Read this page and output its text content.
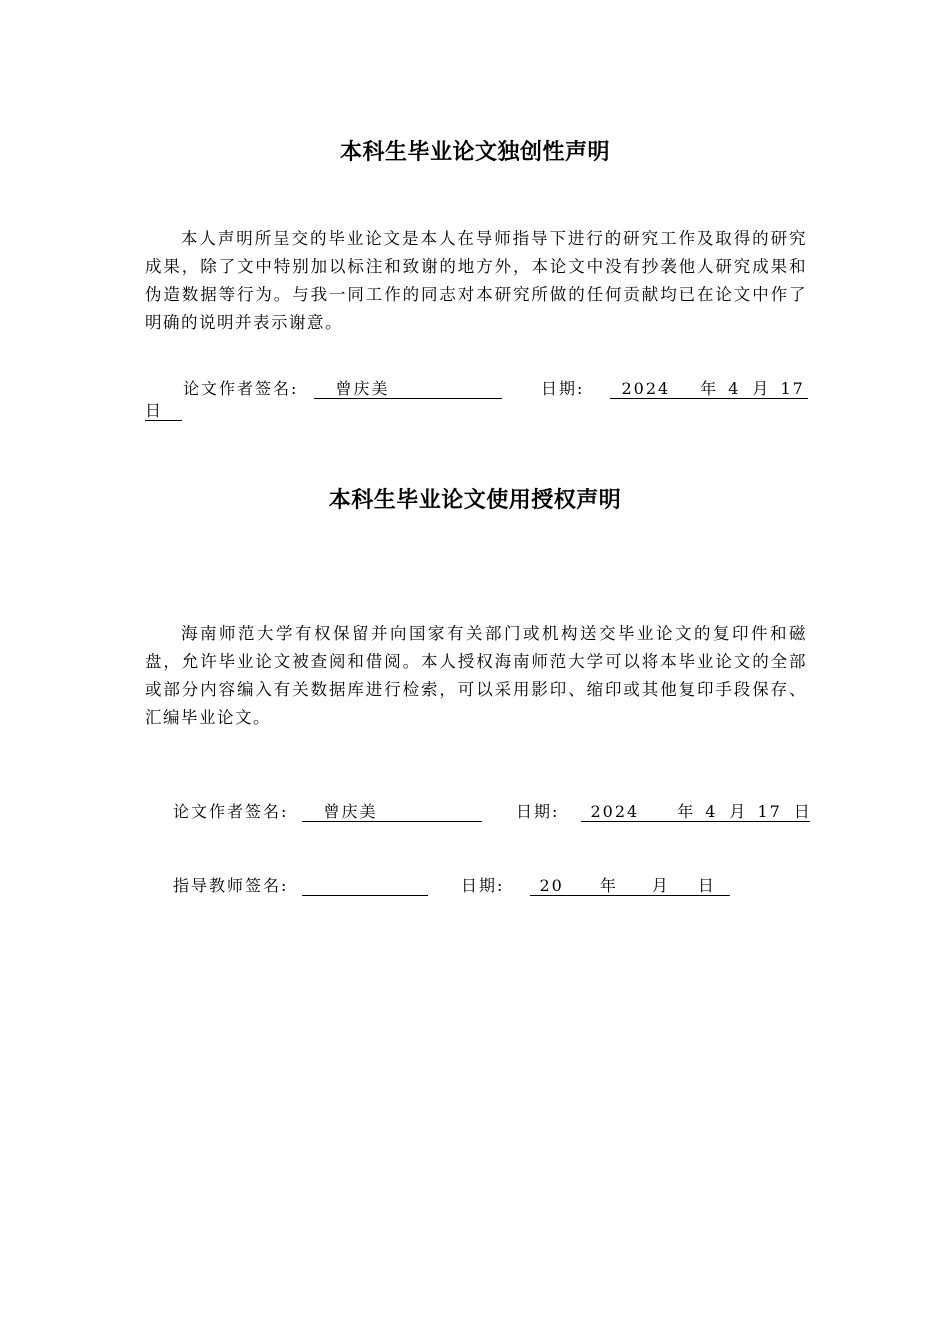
本科生毕业论文独创性声明
本人声明所呈交的毕业论文是本人在导师指导下进行的研究工作及取得的研究成果，除了文中特别加以标注和致谢的地方外，本论文中没有抄袭他人研究成果和伪造数据等行为。与我一同工作的同志对本研究所做的任何贡献均已在论文中作了明确的说明并表示谢意。
论文作者签名: 曾庆美	日期: 2024 年 4 月 17
日
本科生毕业论文使用授权声明
海南师范大学有权保留并向国家有关部门或机构送交毕业论文的复印件和磁盘，允许毕业论文被查阅和借阅。本人授权海南师范大学可以将本毕业论文的全部或部分内容编入有关数据库进行检索，可以采用影印、缩印或其他复印手段保存、汇编毕业论文。
论文作者签名: 曾庆美	日期: 2024 年 4 月 17 日
指导教师签名:	日期: 20 年 月 日
